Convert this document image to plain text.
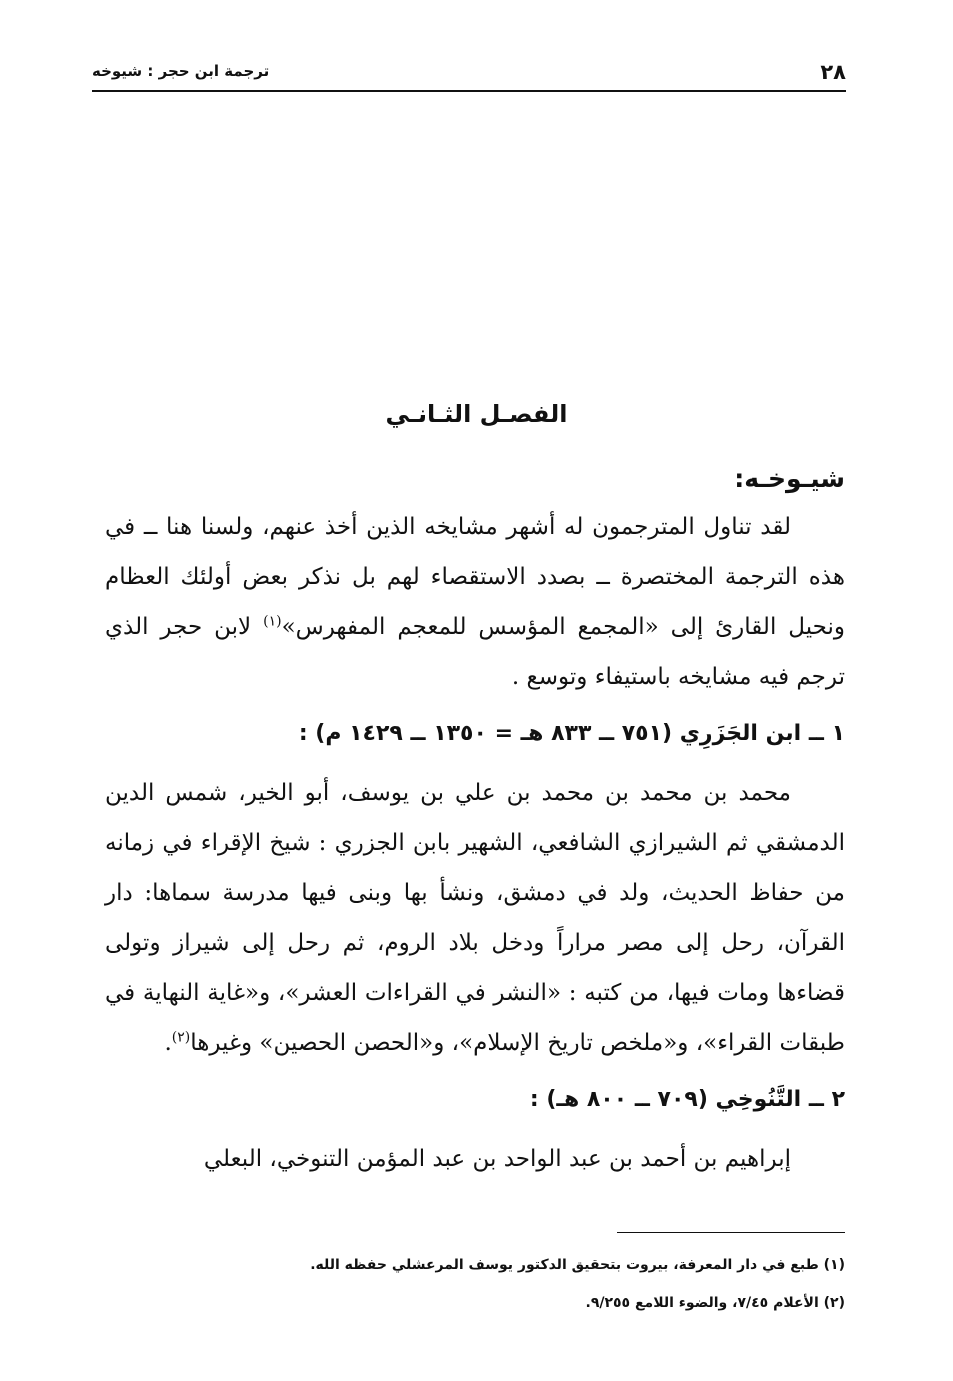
٢٨
ترجمة ابن حجر : شيوخه
الفصـل الثـانـي
شيـوخـه:

لقد تناول المترجمون له أشهر مشايخه الذين أخذ عنهم، ولسنا هنا ــ في هذه الترجمة المختصرة ــ بصدد الاستقصاء لهم بل نذكر بعض أولئك العظام ونحيل القارئ إلى «المجمع المؤسس للمعجم المفهرس»$^{(١)}$ لابن حجر الذي ترجم فيه مشايخه باستيفاء وتوسع .

١ ــ ابن الجَزَرِي (٧٥١ ــ ٨٣٣ هـ = ١٣٥٠ ــ ١٤٢٩ م) :

محمد بن محمد بن محمد بن علي بن يوسف، أبو الخير، شمس الدين الدمشقي ثم الشيرازي الشافعي، الشهير بابن الجزري : شيخ الإقراء في زمانه من حفاظ الحديث، ولد في دمشق، ونشأ بها وبنى فيها مدرسة سماها: دار القرآن، رحل إلى مصر مراراً ودخل بلاد الروم، ثم رحل إلى شيراز وتولى قضاءها ومات فيها، من كتبه : «النشر في القراءات العشر»، و«غاية النهاية في طبقات القراء»، و«ملخص تاريخ الإسلام»، و«الحصن الحصين» وغيرها$^{(٢)}$.

٢ ــ التَّنُوخِي (٧٠٩ ــ ٨٠٠ هـ) :

إبراهيم بن أحمد بن عبد الواحد بن عبد المؤمن التنوخي، البعلي

(١) طبع في دار المعرفة، بيروت بتحقيق الدكتور يوسف المرعشلي حفظه الله.

(٢) الأعلام ٧/٤٥، والضوء اللامع ٩/٢٥٥.
